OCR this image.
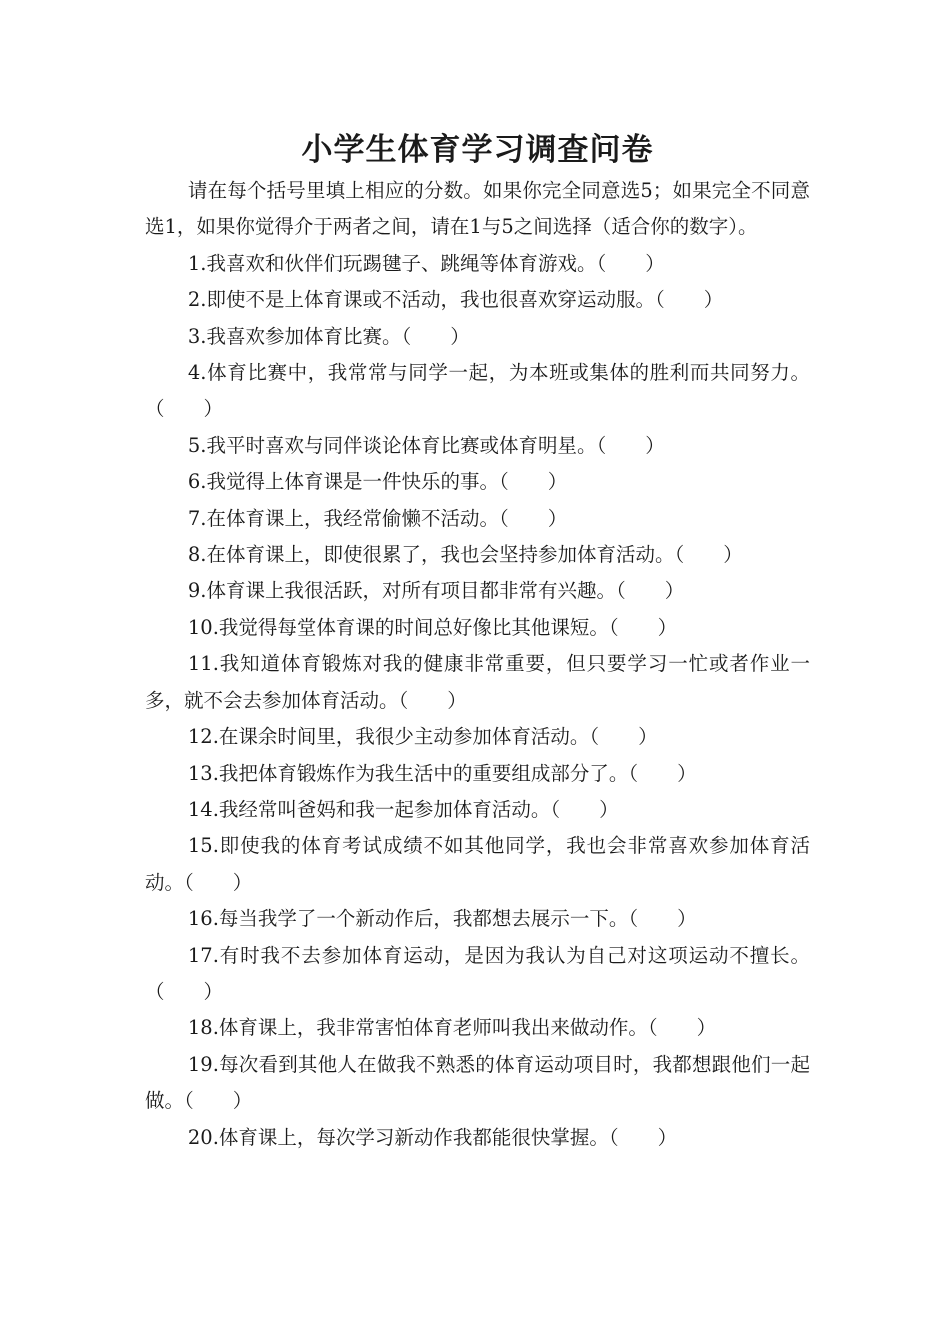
小学生体育学习调查问卷

请在每个括号里填上相应的分数。如果你完全同意选5；如果完全不同意选1，如果你觉得介于两者之间，请在1与5之间选择（适合你的数字）。

1.我喜欢和伙伴们玩踢毽子、跳绳等体育游戏。（　　）

2.即使不是上体育课或不活动，我也很喜欢穿运动服。（　　）

3.我喜欢参加体育比赛。（　　）

4.体育比赛中，我常常与同学一起，为本班或集体的胜利而共同努力。（　　）

5.我平时喜欢与同伴谈论体育比赛或体育明星。（　　）

6.我觉得上体育课是一件快乐的事。（　　）

7.在体育课上，我经常偷懒不活动。（　　）

8.在体育课上，即使很累了，我也会坚持参加体育活动。（　　）

9.体育课上我很活跃，对所有项目都非常有兴趣。（　　）

10.我觉得每堂体育课的时间总好像比其他课短。（　　）

11.我知道体育锻炼对我的健康非常重要，但只要学习一忙或者作业一多，就不会去参加体育活动。（　　）

12.在课余时间里，我很少主动参加体育活动。（　　）

13.我把体育锻炼作为我生活中的重要组成部分了。（　　）

14.我经常叫爸妈和我一起参加体育活动。（　　）

15.即使我的体育考试成绩不如其他同学，我也会非常喜欢参加体育活动。（　　）

16.每当我学了一个新动作后，我都想去展示一下。（　　）

17.有时我不去参加体育运动，是因为我认为自己对这项运动不擅长。（　　）

18.体育课上，我非常害怕体育老师叫我出来做动作。（　　）

19.每次看到其他人在做我不熟悉的体育运动项目时，我都想跟他们一起做。（　　）

20.体育课上，每次学习新动作我都能很快掌握。（　　）
